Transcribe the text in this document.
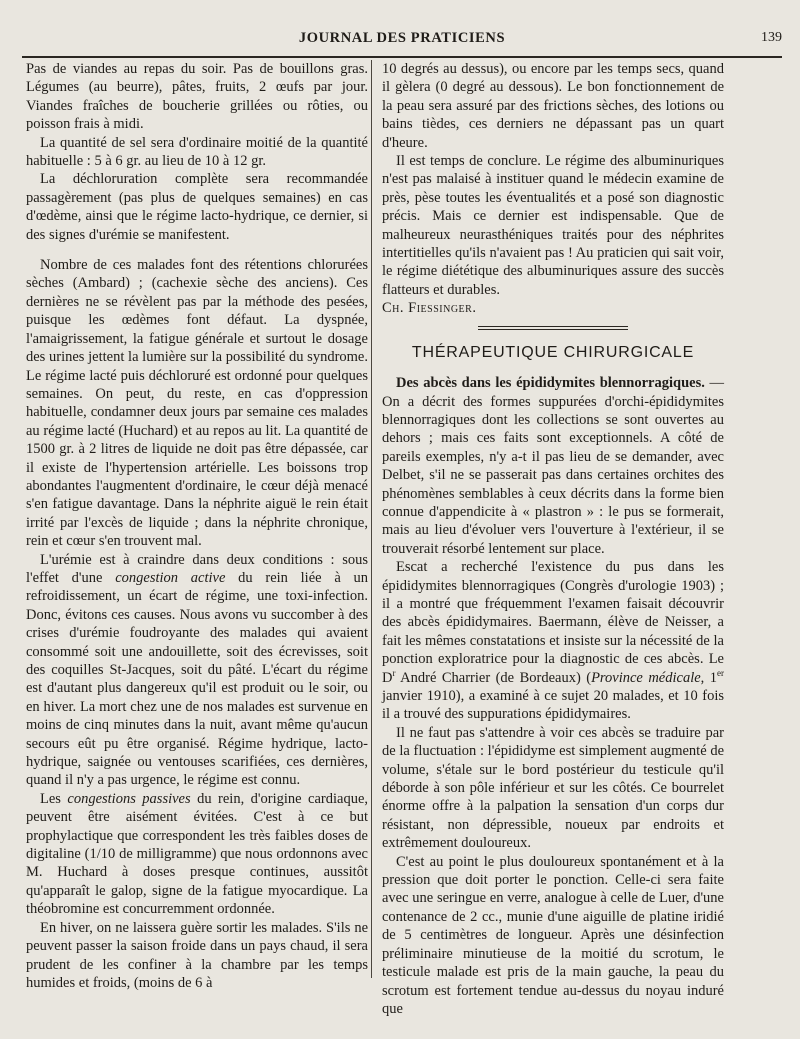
JOURNAL DES PRATICIENS	139

Pas de viandes au repas du soir. Pas de bouillons gras. Légumes (au beurre), pâtes, fruits, 2 œufs par jour. Viandes fraîches de boucherie grillées ou rôties, ou poisson frais à midi.

La quantité de sel sera d'ordinaire moitié de la quantité habituelle : 5 à 6 gr. au lieu de 10 à 12 gr.

La déchloruration complète sera recommandée passagèrement (pas plus de quelques semaines) en cas d'œdème, ainsi que le régime lacto-hydrique, ce dernier, si des signes d'urémie se manifestent.

Nombre de ces malades font des rétentions chlorurées sèches (Ambard) ; (cachexie sèche des anciens). Ces dernières ne se révèlent pas par la méthode des pesées, puisque les œdèmes font défaut. La dyspnée, l'amaigrissement, la fatigue générale et surtout le dosage des urines jettent la lumière sur la possibilité du syndrome. Le régime lacté puis déchloruré est ordonné pour quelques semaines. On peut, du reste, en cas d'oppression habituelle, condamner deux jours par semaine ces malades au régime lacté (Huchard) et au repos au lit. La quantité de 1500 gr. à 2 litres de liquide ne doit pas être dépassée, car il existe de l'hypertension artérielle. Les boissons trop abondantes l'augmentent d'ordinaire, le cœur déjà menacé s'en fatigue davantage. Dans la néphrite aiguë le rein était irrité par l'excès de liquide ; dans la néphrite chronique, rein et cœur s'en trouvent mal.

L'urémie est à craindre dans deux conditions : sous l'effet d'une congestion active du rein liée à un refroidissement, un écart de régime, une toxi-infection. Donc, évitons ces causes. Nous avons vu succomber à des crises d'urémie foudroyante des malades qui avaient consommé soit une andouillette, soit des écrevisses, soit des coquilles St-Jacques, soit du pâté. L'écart du régime est d'autant plus dangereux qu'il est produit ou le soir, ou en hiver. La mort chez une de nos malades est survenue en moins de cinq minutes dans la nuit, avant même qu'aucun secours eût pu être organisé. Régime hydrique, lacto-hydrique, saignée ou ventouses scarifiées, ces dernières, quand il n'y a pas urgence, le régime est connu.

Les congestions passives du rein, d'origine cardiaque, peuvent être aisément évitées. C'est à ce but prophylactique que correspondent les très faibles doses de digitaline (1/10 de milligramme) que nous ordonnons avec M. Huchard à doses presque continues, aussitôt qu'apparaît le galop, signe de la fatigue myocardique. La théobromine est concurremment ordonnée.

En hiver, on ne laissera guère sortir les malades. S'ils ne peuvent passer la saison froide dans un pays chaud, il sera prudent de les confiner à la chambre par les temps humides et froids, (moins de 6 à

10 degrés au dessus), ou encore par les temps secs, quand il gèlera (0 degré au dessous). Le bon fonctionnement de la peau sera assuré par des frictions sèches, des lotions ou bains tièdes, ces derniers ne dépassant pas un quart d'heure.

Il est temps de conclure. Le régime des albuminuriques n'est pas malaisé à instituer quand le médecin examine de près, pèse toutes les éventualités et a posé son diagnostic précis. Mais ce dernier est indispensable. Que de malheureux neurasthéniques traités pour des néphrites intertitielles qu'ils n'avaient pas ! Au praticien qui sait voir, le régime diététique des albuminuriques assure des succès flatteurs et durables.

Ch. Fiessinger.

THÉRAPEUTIQUE CHIRURGICALE

Des abcès dans les épididymites blennorragiques. — On a décrit des formes suppurées d'orchi-épididymites blennorragiques dont les collections se sont ouvertes au dehors ; mais ces faits sont exceptionnels. A côté de pareils exemples, n'y a-t il pas lieu de se demander, avec Delbet, s'il ne se passerait pas dans certaines orchites des phénomènes semblables à ceux décrits dans la forme bien connue d'appendicite à « plastron » : le pus se formerait, mais au lieu d'évoluer vers l'ouverture à l'extérieur, il se trouverait résorbé lentement sur place.

Escat a recherché l'existence du pus dans les épididymites blennorragiques (Congrès d'urologie 1903) ; il a montré que fréquemment l'examen faisait découvrir des abcès épididymaires. Baermann, élève de Neisser, a fait les mêmes constatations et insiste sur la nécessité de la ponction exploratrice pour la diagnostic de ces abcès. Le $D^r$ André Charrier (de Bordeaux) (Province médicale, 1er janvier 1910), a examiné à ce sujet 20 malades, et 10 fois il a trouvé des suppurations épididymaires.

Il ne faut pas s'attendre à voir ces abcès se traduire par de la fluctuation : l'épididyme est simplement augmenté de volume, s'étale sur le bord postérieur du testicule qu'il déborde à son pôle inférieur et sur les côtés. Ce bourrelet énorme offre à la palpation la sensation d'un corps dur résistant, non dépressible, noueux par endroits et extrêmement douloureux.

C'est au point le plus douloureux spontanément et à la pression que doit porter le ponction. Celle-ci sera faite avec une seringue en verre, analogue à celle de Luer, d'une contenance de 2 cc., munie d'une aiguille de platine iridié de 5 centimètres de longueur. Après une désinfection préliminaire minutieuse de la moitié du scrotum, le testicule malade est pris de la main gauche, la peau du scrotum est fortement tendue au-dessus du noyau induré que
